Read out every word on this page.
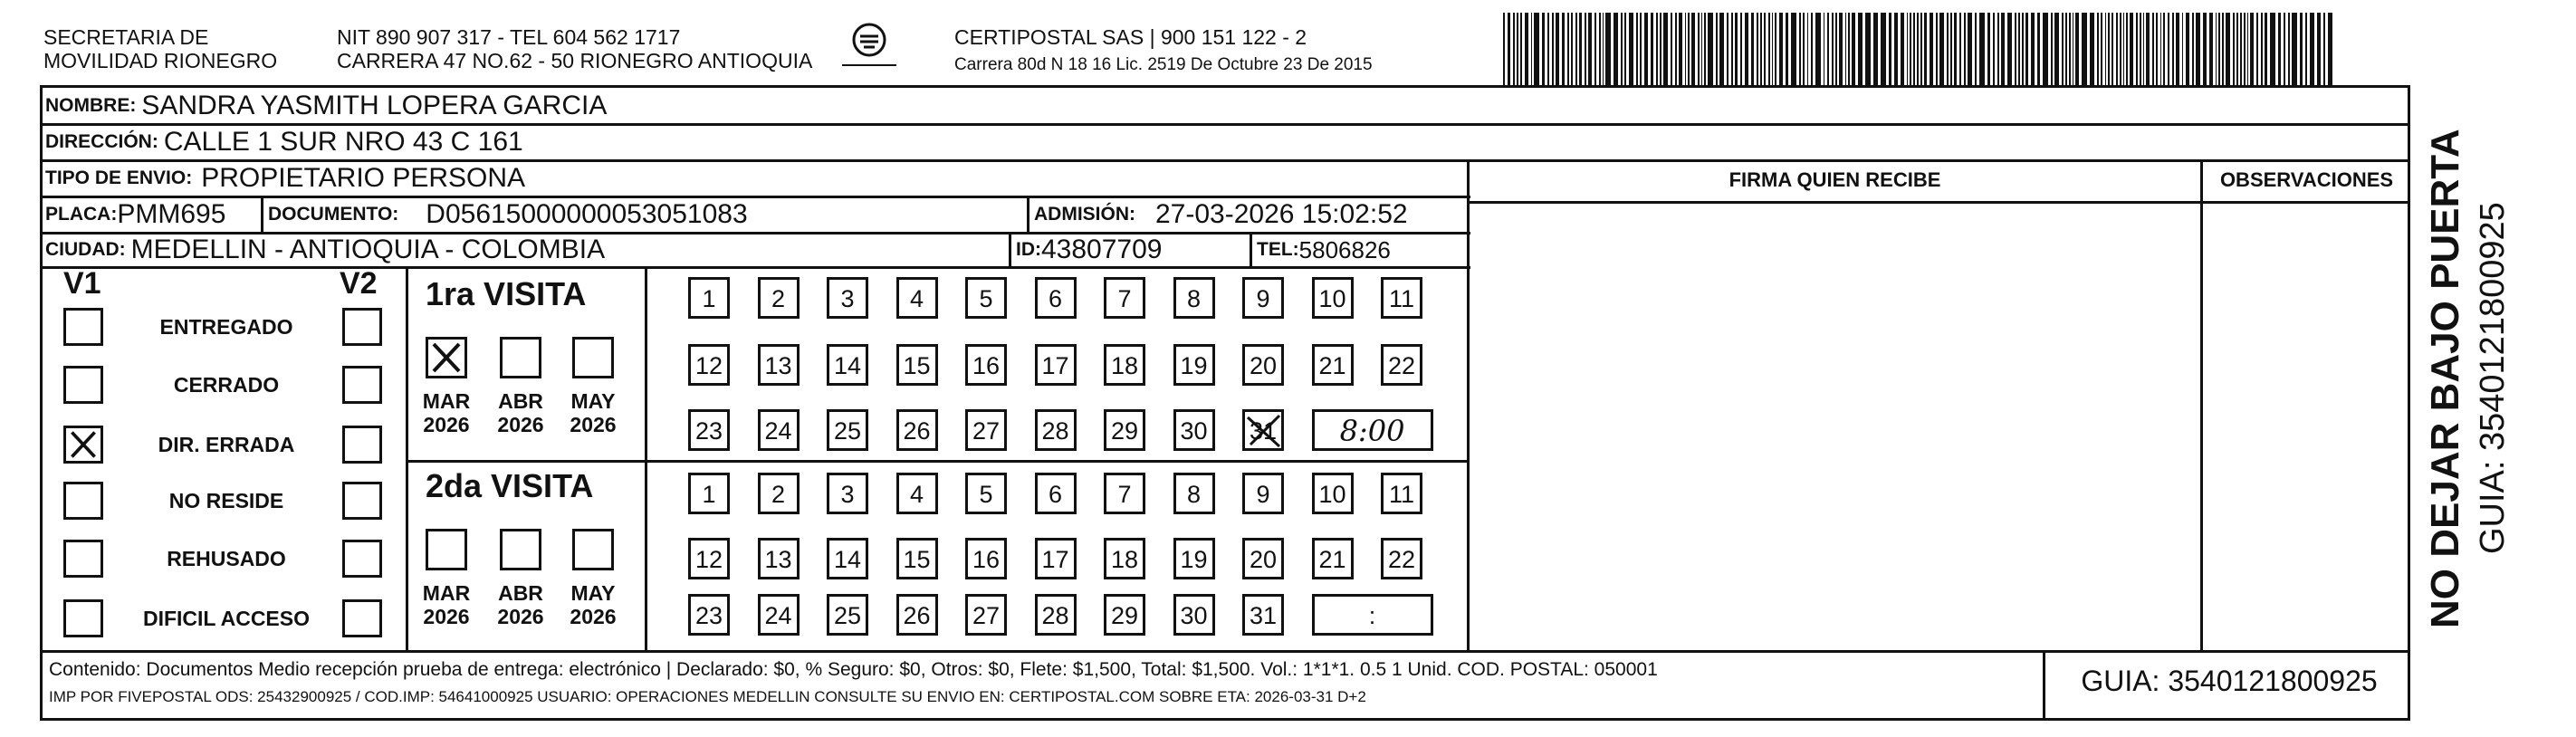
SECRETARIA DE
MOVILIDAD RIONEGRO
NIT 890 907 317 - TEL 604 562 1717
CARRERA 47 NO.62 - 50 RIONEGRO ANTIOQUIA
CERTIPOSTAL SAS | 900 151 122 - 2
Carrera 80d N 18 16 Lic. 2519 De Octubre 23 De 2015
NOMBRE: SANDRA YASMITH LOPERA GARCIA
DIRECCIÓN: CALLE 1 SUR NRO 43 C 161
TIPO DE ENVIO: PROPIETARIO PERSONA
PLACA: PMM695 DOCUMENTO: D05615000000053051083	ADMISIÓN: 27-03-2026 15:02:52
CIUDAD: MEDELLIN - ANTIOQUIA - COLOMBIA	ID: 43807709	TEL: 5806826
FIRMA QUIEN RECIBE	OBSERVACIONES
V1	V2
ENTREGADO
CERRADO
DIR. ERRADA
NO RESIDE
REHUSADO
DIFICIL ACCESO
1ra VISITA
2da VISITA
MAR
2026
ABR
2026
MAY
2026
MAR
2026
ABR
2026
MAY
2026
1	2	3	4	5	6	7	8	9	10	11
12 13 14 15 16 17 18 19 20 21 22
23 24 25 26 27 28 29 30 31	8:00
1	2	3	4	5	6	7	8	9	10	11
12 13 14 15 16 17 18 19 20 21 22
23 24 25 26 27 28 29 30 31	:
Contenido: Documentos Medio recepción prueba de entrega: electrónico | Declarado: $0, % Seguro: $0, Otros: $0, Flete: $1,500, Total: $1,500. Vol.: 1*1*1. 0.5 1 Unid. COD. POSTAL: 050001
IMP POR FIVEPOSTAL ODS: 25432900925 / COD.IMP: 54641000925 USUARIO: OPERACIONES MEDELLIN CONSULTE SU ENVIO EN: CERTIPOSTAL.COM SOBRE ETA: 2026-03-31 D+2	GUIA: 3540121800925
NO DEJAR BAJO PUERTA GUIA: 3540121800925
